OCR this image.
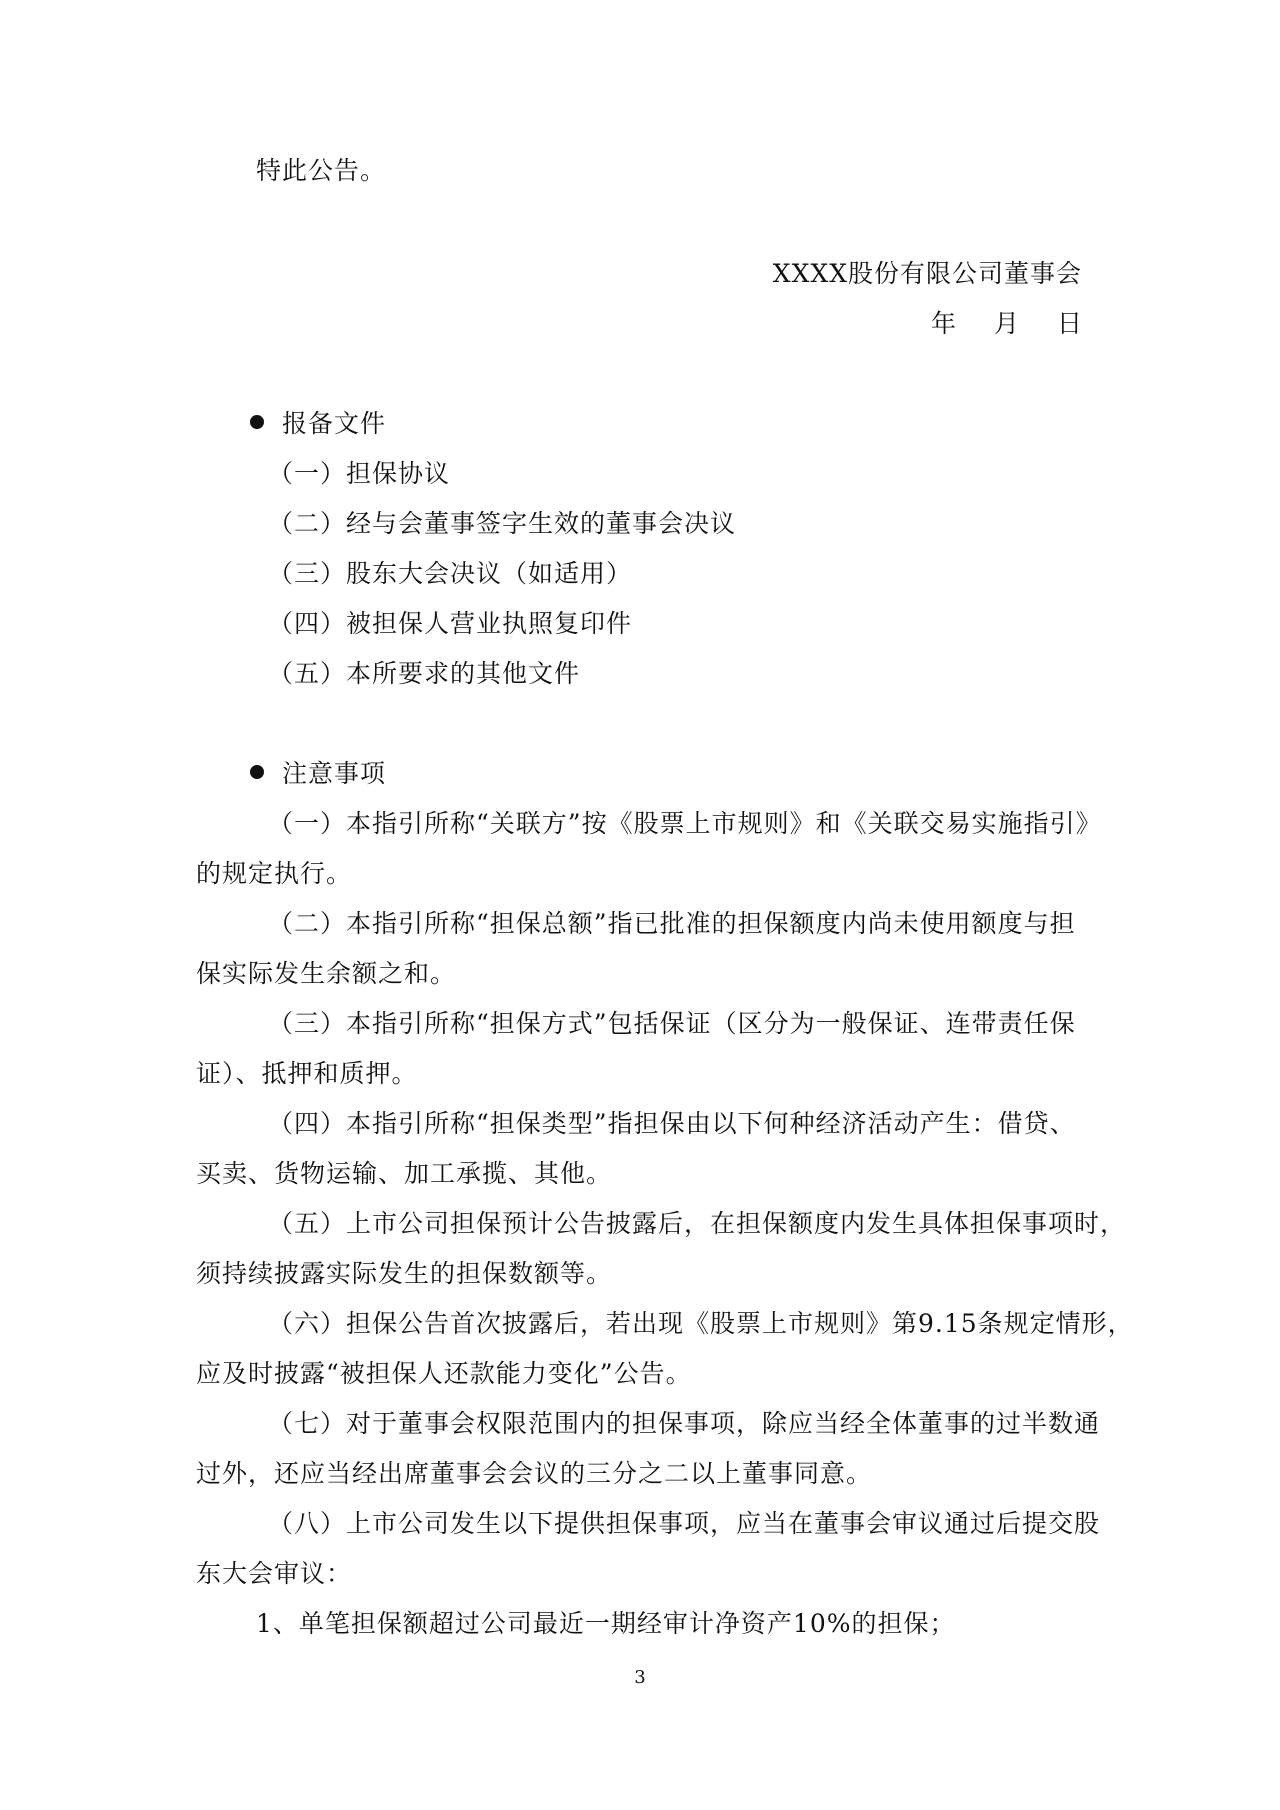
特此公告。
XXXX股份有限公司董事会
年 月 日
报备文件
（一）担保协议
（二）经与会董事签字生效的董事会决议
（三）股东大会决议（如适用）
（四）被担保人营业执照复印件
（五）本所要求的其他文件
注意事项
（一）本指引所称“关联方”按《股票上市规则》和《关联交易实施指引》
的规定执行。
（二）本指引所称“担保总额”指已批准的担保额度内尚未使用额度与担
保实际发生余额之和。
（三）本指引所称“担保方式”包括保证（区分为一般保证、连带责任保
证）、抵押和质押。
（四）本指引所称“担保类型”指担保由以下何种经济活动产生：借贷、
买卖、货物运输、加工承揽、其他。
（五）上市公司担保预计公告披露后，在担保额度内发生具体担保事项时，
须持续披露实际发生的担保数额等。
（六）担保公告首次披露后，若出现《股票上市规则》第9.15条规定情形，
应及时披露“被担保人还款能力变化”公告。
（七）对于董事会权限范围内的担保事项，除应当经全体董事的过半数通
过外，还应当经出席董事会会议的三分之二以上董事同意。
（八）上市公司发生以下提供担保事项，应当在董事会审议通过后提交股
东大会审议：
1、单笔担保额超过公司最近一期经审计净资产10%的担保；
3
